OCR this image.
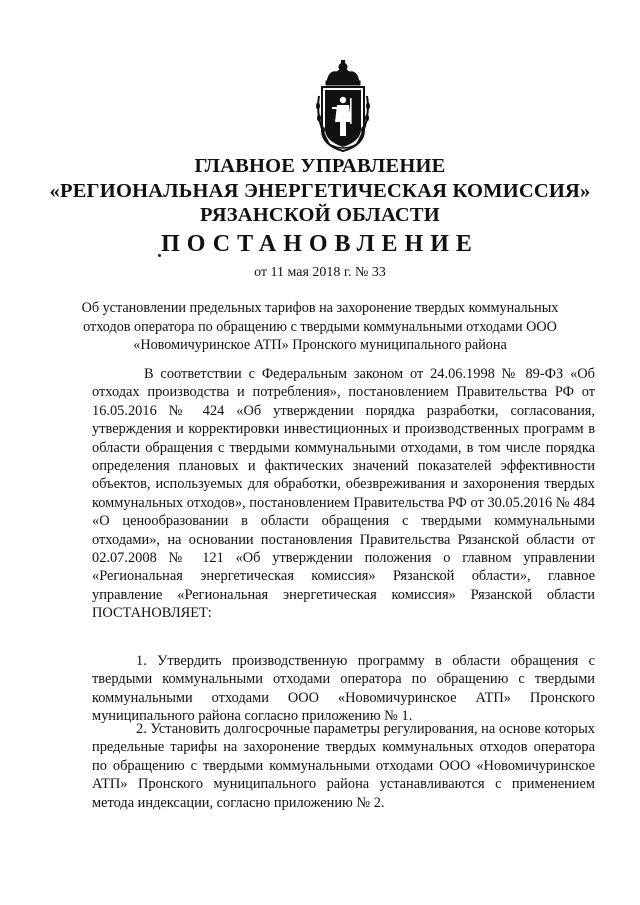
ГЛАВНОЕ УПРАВЛЕНИЕ
«РЕГИОНАЛЬНАЯ ЭНЕРГЕТИЧЕСКАЯ КОМИССИЯ»
РЯЗАНСКОЙ ОБЛАСТИ
ПОСТАНОВЛЕНИЕ
от 11 мая 2018 г. № 33
Об установлении предельных тарифов на захоронение твердых коммунальных отходов оператора по обращению с твердыми коммунальными отходами ООО «Новомичуринское АТП» Пронского муниципального района
В соответствии с Федеральным законом от 24.06.1998 № 89-ФЗ «Об отходах производства и потребления», постановлением Правительства РФ от 16.05.2016 № 424 «Об утверждении порядка разработки, согласования, утверждения и корректировки инвестиционных и производственных программ в области обращения с твердыми коммунальными отходами, в том числе порядка определения плановых и фактических значений показателей эффективности объектов, используемых для обработки, обезвреживания и захоронения твердых коммунальных отходов», постановлением Правительства РФ от 30.05.2016 № 484 «О ценообразовании в области обращения с твердыми коммунальными отходами», на основании постановления Правительства Рязанской области от 02.07.2008 № 121 «Об утверждении положения о главном управлении «Региональная энергетическая комиссия» Рязанской области», главное управление «Региональная энергетическая комиссия» Рязанской области ПОСТАНОВЛЯЕТ:
1. Утвердить производственную программу в области обращения с твердыми коммунальными отходами оператора по обращению с твердыми коммунальными отходами ООО «Новомичуринское АТП» Пронского муниципального района согласно приложению № 1.
2. Установить долгосрочные параметры регулирования, на основе которых предельные тарифы на захоронение твердых коммунальных отходов оператора по обращению с твердыми коммунальными отходами ООО «Новомичуринское АТП» Пронского муниципального района устанавливаются с применением метода индексации, согласно приложению № 2.
